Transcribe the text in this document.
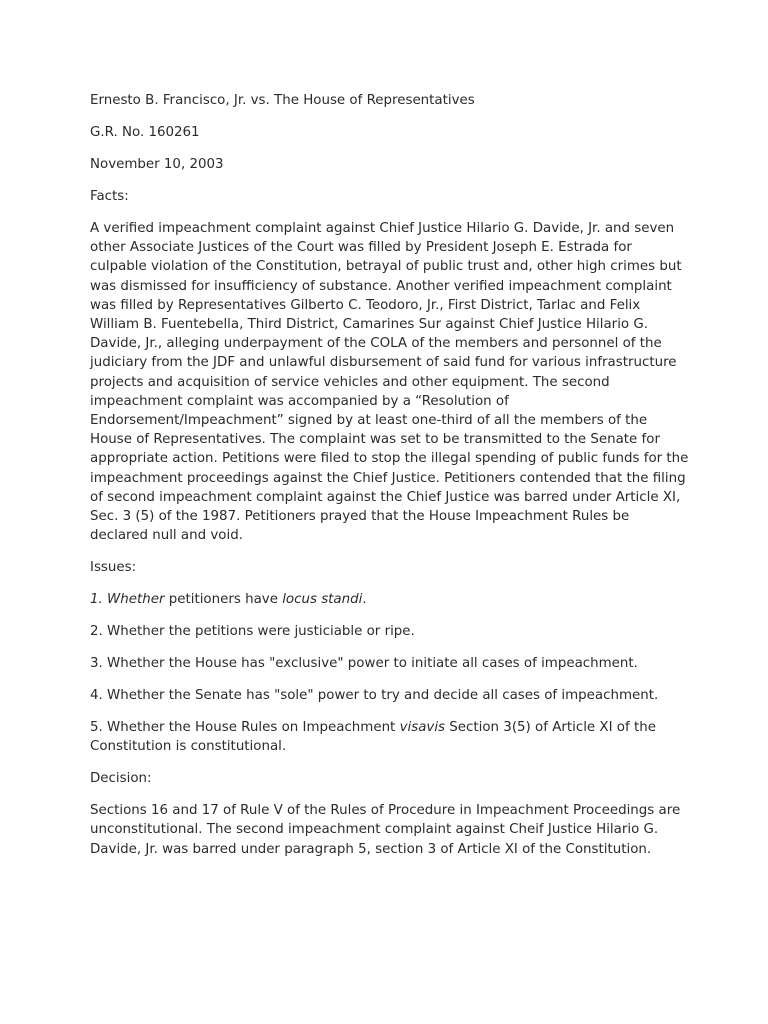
Ernesto B. Francisco, Jr. vs. The House of Representatives

G.R. No. 160261

November 10, 2003

Facts:

A verified impeachment complaint against Chief Justice Hilario G. Davide, Jr. and seven other Associate Justices of the Court was filled by President Joseph E. Estrada for culpable violation of the Constitution, betrayal of public trust and, other high crimes but was dismissed for insufficiency of substance. Another verified impeachment complaint was filled by Representatives Gilberto C. Teodoro, Jr., First District, Tarlac and Felix William B. Fuentebella, Third District, Camarines Sur against Chief Justice Hilario G. Davide, Jr., alleging underpayment of the COLA of the members and personnel of the judiciary from the JDF and unlawful disbursement of said fund for various infrastructure projects and acquisition of service vehicles and other equipment. The second impeachment complaint was accompanied by a “Resolution of Endorsement/Impeachment” signed by at least one-third of all the members of the House of Representatives. The complaint was set to be transmitted to the Senate for appropriate action. Petitions were filed to stop the illegal spending of public funds for the impeachment proceedings against the Chief Justice. Petitioners contended that the filing of second impeachment complaint against the Chief Justice was barred under Article XI, Sec. 3 (5) of the 1987. Petitioners prayed that the House Impeachment Rules be declared null and void.

Issues:

1. Whether petitioners have locus standi.
2. Whether the petitions were justiciable or ripe.
3. Whether the House has "exclusive" power to initiate all cases of impeachment.
4. Whether the Senate has "sole" power to try and decide all cases of impeachment.
5. Whether the House Rules on Impeachment visavis Section 3(5) of Article XI of the Constitution is constitutional.

Decision:

Sections 16 and 17 of Rule V of the Rules of Procedure in Impeachment Proceedings are unconstitutional. The second impeachment complaint against Cheif Justice Hilario G. Davide, Jr. was barred under paragraph 5, section 3 of Article XI of the Constitution.
